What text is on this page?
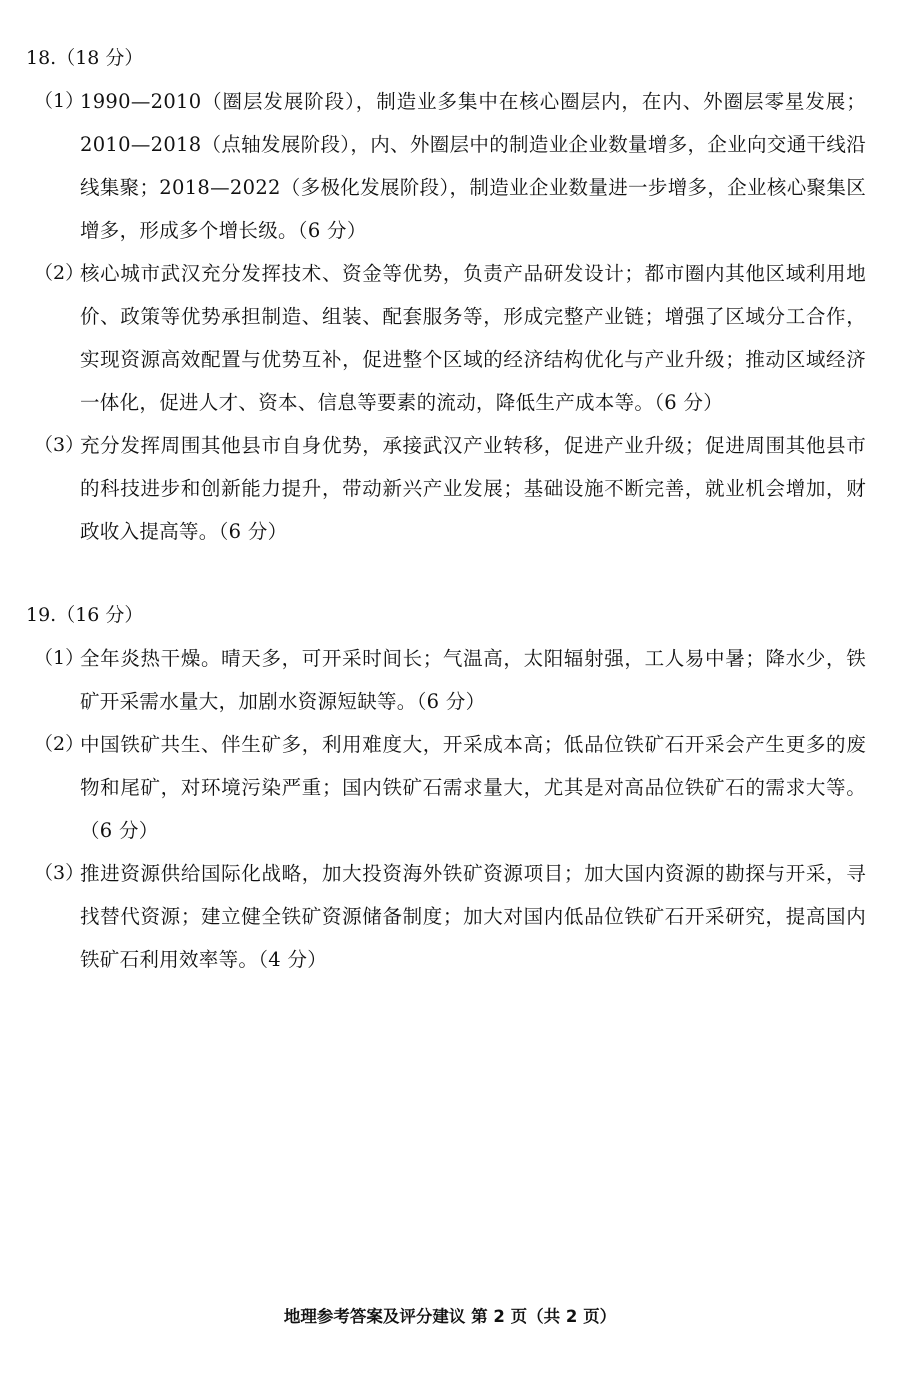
18.（18 分）
（1）
1990—2010（圈层发展阶段），制造业多集中在核心圈层内，在内、外圈层零星发展；2010—2018（点轴发展阶段），内、外圈层中的制造业企业数量增多，企业向交通干线沿线集聚；2018—2022（多极化发展阶段），制造业企业数量进一步增多，企业核心聚集区增多，形成多个增长级。（6 分）
（2）
核心城市武汉充分发挥技术、资金等优势，负责产品研发设计；都市圈内其他区域利用地价、政策等优势承担制造、组装、配套服务等，形成完整产业链；增强了区域分工合作，实现资源高效配置与优势互补，促进整个区域的经济结构优化与产业升级；推动区域经济一体化，促进人才、资本、信息等要素的流动，降低生产成本等。（6 分）
（3）
充分发挥周围其他县市自身优势，承接武汉产业转移，促进产业升级；促进周围其他县市的科技进步和创新能力提升，带动新兴产业发展；基础设施不断完善，就业机会增加，财政收入提高等。（6 分）
19.（16 分）
（1）
全年炎热干燥。晴天多，可开采时间长；气温高，太阳辐射强，工人易中暑；降水少，铁矿开采需水量大，加剧水资源短缺等。（6 分）
（2）
中国铁矿共生、伴生矿多，利用难度大，开采成本高；低品位铁矿石开采会产生更多的废物和尾矿，对环境污染严重；国内铁矿石需求量大，尤其是对高品位铁矿石的需求大等。（6 分）
（3）
推进资源供给国际化战略，加大投资海外铁矿资源项目；加大国内资源的勘探与开采，寻找替代资源；建立健全铁矿资源储备制度；加大对国内低品位铁矿石开采研究，提高国内铁矿石利用效率等。（4 分）
地理参考答案及评分建议 第 2 页（共 2 页）
